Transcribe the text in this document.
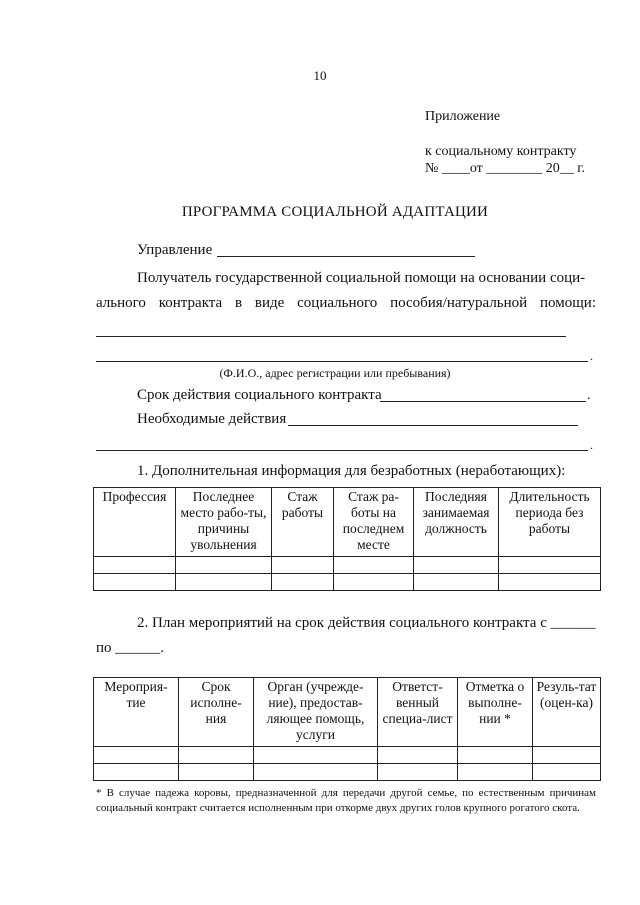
10
Приложение
к социальному контракту
№ ____от ________ 20__ г.
ПРОГРАММА СОЦИАЛЬНОЙ АДАПТАЦИИ
Управление
Получатель государственной социальной помощи на основании соци-
ального контракта в виде социального пособия/натуральной помощи:
.
(Ф.И.О., адрес регистрации или пребывания)
Срок действия социального контракта	.
Необходимые действия
.
1. Дополнительная информация для безработных (неработающих):
Профессия	Последнее место рабо-ты, причины увольнения	Стаж работы	Стаж ра-боты на последнем месте	Последняя занимаемая должность	Длительность периода без работы

2. План мероприятий на срок действия социального контракта с ______
по ______.
Мероприя-тие	Срок исполне-ния	Орган (учрежде-ние), предостав-ляющее помощь, услуги	Ответст-венный специа-лист	Отметка о выполне-нии *	Резуль-тат (оцен-ка)

* В случае падежа коровы, предназначенной для передачи другой семье, по естественным причинам социальный контракт считается исполненным при откорме двух других голов крупного рогатого скота.
